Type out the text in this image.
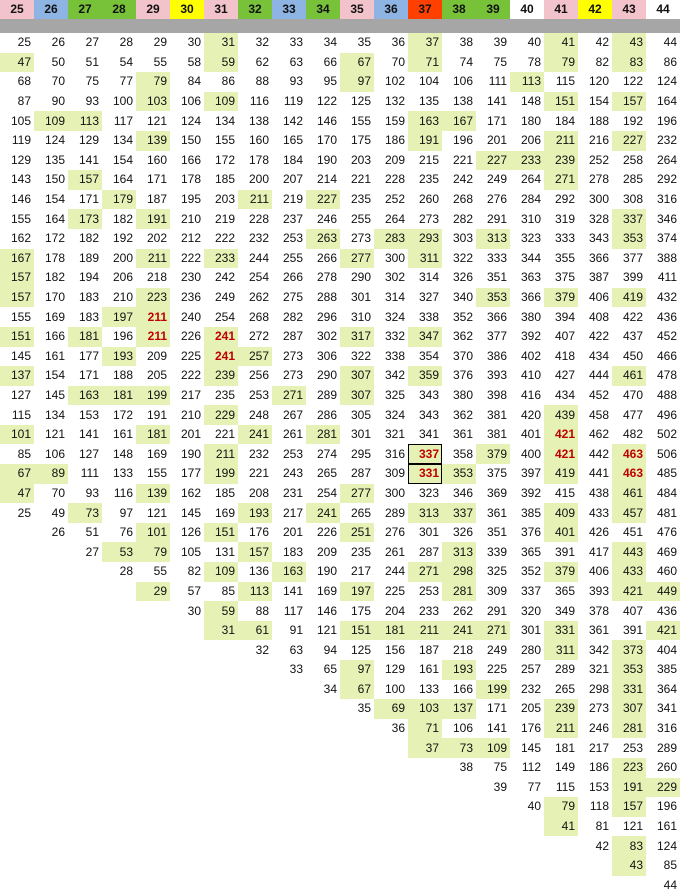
25	26	27	28	29	30	31	32	33	34	35	36	37	38	39	40	41	42	43	44

25	26	27	28	29	30	31	32	33	34	35	36	37	38	39	40	41	42	43	44
47	50	51	54	55	58	59	62	63	66	67	70	71	74	75	78	79	82	83	86
68	70	75	77	79	84	86	88	93	95	97	102	104	106	111	113	115	120	122	124
87	90	93	100	103	106	109	116	119	122	125	132	135	138	141	148	151	154	157	164
105	109	113	117	121	124	134	138	142	146	155	159	163	167	171	180	184	188	192	196
119	124	129	134	139	150	155	160	165	170	175	186	191	196	201	206	211	216	227	232
129	135	141	154	160	166	172	178	184	190	203	209	215	221	227	233	239	252	258	264
143	150	157	164	171	178	185	200	207	214	221	228	235	242	249	264	271	278	285	292
146	154	171	179	187	195	203	211	219	227	235	252	260	268	276	284	292	300	308	316
155	164	173	182	191	210	219	228	237	246	255	264	273	282	291	310	319	328	337	346
162	172	182	192	202	212	222	232	253	263	273	283	293	303	313	323	333	343	353	374
167	178	189	200	211	222	233	244	255	266	277	300	311	322	333	344	355	366	377	388
157	182	194	206	218	230	242	254	266	278	290	302	314	326	351	363	375	387	399	411
157	170	183	210	223	236	249	262	275	288	301	314	327	340	353	366	379	406	419	432
155	169	183	197	211	240	254	268	282	296	310	324	338	352	366	380	394	408	422	436
151	166	181	196	211	226	241	272	287	302	317	332	347	362	377	392	407	422	437	452
145	161	177	193	209	225	241	257	273	306	322	338	354	370	386	402	418	434	450	466
137	154	171	188	205	222	239	256	273	290	307	342	359	376	393	410	427	444	461	478
127	145	163	181	199	217	235	253	271	289	307	325	343	380	398	416	434	452	470	488
115	134	153	172	191	210	229	248	267	286	305	324	343	362	381	420	439	458	477	496
101	121	141	161	181	201	221	241	261	281	301	321	341	361	381	401	421	462	482	502
85	106	127	148	169	190	211	232	253	274	295	316	337	358	379	400	421	442	463	506
67	89	111	133	155	177	199	221	243	265	287	309	331	353	375	397	419	441	463	485
47	70	93	116	139	162	185	208	231	254	277	300	323	346	369	392	415	438	461	484
25	49	73	97	121	145	169	193	217	241	265	289	313	337	361	385	409	433	457	481
	26	51	76	101	126	151	176	201	226	251	276	301	326	351	376	401	426	451	476
		27	53	79	105	131	157	183	209	235	261	287	313	339	365	391	417	443	469
			28	55	82	109	136	163	190	217	244	271	298	325	352	379	406	433	460
				29	57	85	113	141	169	197	225	253	281	309	337	365	393	421	449
					30	59	88	117	146	175	204	233	262	291	320	349	378	407	436
						31	61	91	121	151	181	211	241	271	301	331	361	391	421
							32	63	94	125	156	187	218	249	280	311	342	373	404
								33	65	97	129	161	193	225	257	289	321	353	385
									34	67	100	133	166	199	232	265	298	331	364
										35	69	103	137	171	205	239	273	307	341
											36	71	106	141	176	211	246	281	316
												37	73	109	145	181	217	253	289
													38	75	112	149	186	223	260
														39	77	115	153	191	229
															40	79	118	157	196
																41	81	121	161
																	42	83	124
																		43	85
																			44
